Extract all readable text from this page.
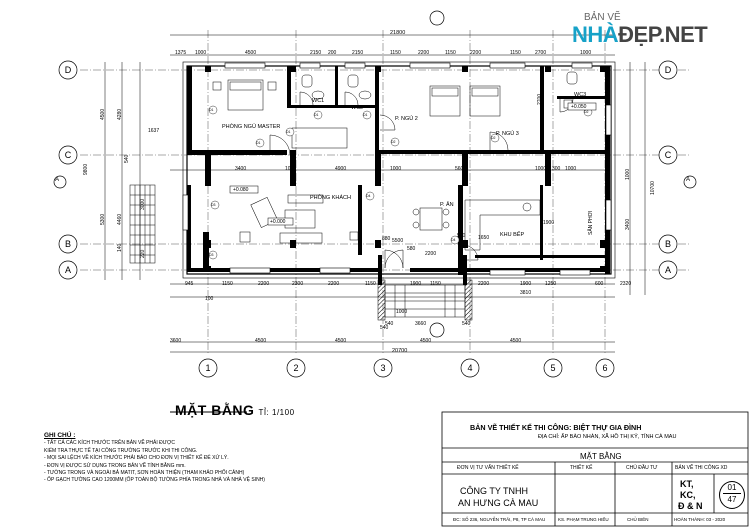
BẢN VẼ
NHÀĐẸP.NET
1	2	3	4	5	6
D	D
C	C
B	B
A	A
A	A
21800
1375 1000	4500	2150 200	2150	1150	2200	1150	2200	1150	2700	1000
4500 4280
5300 4460
1637
540
140
220
9800
3000
2700
10700
1000
3400
3400	1000	4900	1000	5600	1000 300 1000
945	1150	2200	2300	2200	1150	1900 1150	2200	1900	1250	2320
600
3600	4500	4500	4500	4500
540
1000
3660	540
20700
2200
580
100
880 5500
530	1650
1900
3810
540
PHÒNG NGỦ MASTER
WC1
WC2
P. NGỦ 2
P. NGỦ 3
WC3
PHÒNG KHÁCH
P. ĂN
KHU BẾP	SÂN PHƠI
+0.080
+0.050
+0.000
D1
D1
D1
D1	D1
D2
D2
D2
D3
D3
D4
D4
MẶT BẰNG TỈ: 1/100
GHI CHÚ :
- TẤT CẢ CÁC KÍCH THƯỚC TRÊN BẢN VẼ PHẢI ĐƯỢC
KIỂM TRA THỰC TẾ TẠI CÔNG TRƯỜNG TRƯỚC KHI THI CÔNG.
- MỌI SAI LỆCH VỀ KÍCH THƯỚC PHẢI BÁO CHO ĐƠN VỊ THIẾT KẾ ĐỂ XỬ LÝ.
- ĐƠN VỊ ĐƯỢC SỬ DỤNG TRONG BẢN VẼ TÍNH BẰNG mm.
- TƯỜNG TRONG VÀ NGOÀI BẢ MATIT, SƠN HOÀN THIỆN (THAM KHẢO PHỐI CẢNH)
- ỐP GẠCH TƯỜNG CAO 1200MM (ỐP TOÀN BỘ TƯỜNG PHÍA TRONG NHÀ VÀ NHÀ VỆ SINH)
BẢN VẼ THIẾT KẾ THI CÔNG: BIỆT THỰ GIA ĐÌNH
ĐỊA CHỈ: ẤP BÀO NHÀN, XÃ HỒ THỊ KỶ, TỈNH CÀ MAU
MẶT BẰNG
ĐƠN VỊ TƯ VẤN THIẾT KẾ	THIẾT KẾ	CHỦ ĐẦU TƯ	BẢN VẼ THI CÔNG XD
CÔNG TY TNHH
AN HƯNG CÀ MAU
KT,
KC,
Đ & N
01
47
ĐC: SỐ 236, NGUYỄN TRÃI, P8, TP CÀ MAU	KS. PHẠM TRUNG HIẾU	CHỦ BIÊN	HOÀN THÀNH: 03 - 2020
